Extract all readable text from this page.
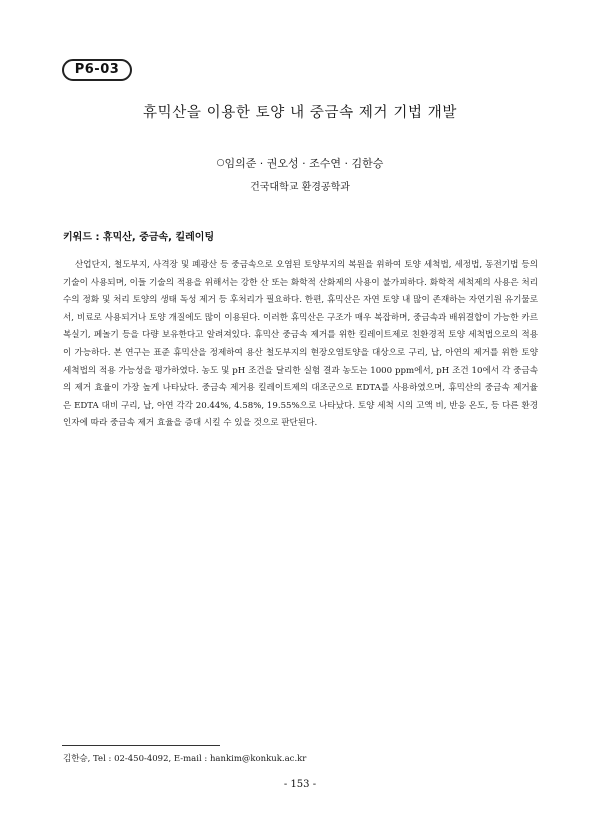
P6-03
휴믹산을 이용한 토양 내 중금속 제거 기법 개발
○임의준 · 권오성 · 조수연 · 김한승
건국대학교 환경공학과
키워드 : 휴믹산, 중금속, 킬레이팅

산업단지, 철도부지, 사격장 및 폐광산 등 중금속으로 오염된 토양부지의 복원을 위하여 토양 세척법, 세정법, 동전기법 등의 기술이 사용되며, 이들 기술의 적용을 위해서는 강한 산 또는 화학적 산화제의 사용이 불가피하다. 화학적 세척제의 사용은 처리수의 정화 및 처리 토양의 생태 독성 제거 등 후처리가 필요하다. 한편, 휴믹산은 자연 토양 내 많이 존재하는 자연기원 유기물로서, 비료로 사용되거나 토양 개질에도 많이 이용된다. 이러한 휴믹산은 구조가 매우 복잡하며, 중금속과 배위결합이 가능한 카르복실기, 페놀기 등을 다량 보유한다고 알려져있다. 휴믹산 중금속 제거를 위한 킬레이트제로 친환경적 토양 세척법으로의 적용이 가능하다. 본 연구는 표준 휴믹산을 정제하여 용산 철도부지의 현장오염토양을 대상으로 구리, 납, 아연의 제거를 위한 토양 세척법의 적용 가능성을 평가하였다. 농도 및 pH 조건을 달리한 실험 결과 농도는 1000 ppm에서, pH 조건 10에서 각 중금속의 제거 효율이 가장 높게 나타났다. 중금속 제거용 킬레이트제의 대조군으로 EDTA를 사용하였으며, 휴믹산의 중금속 제거율은 EDTA 대비 구리, 납, 아연 각각 20.44%, 4.58%, 19.55%으로 나타났다. 토양 세척 시의 고액 비, 반응 온도, 등 다른 환경인자에 따라 중금속 제거 효율을 증대 시킬 수 있을 것으로 판단된다.

김한승, Tel : 02-450-4092, E-mail : hankim@konkuk.ac.kr
- 153 -
